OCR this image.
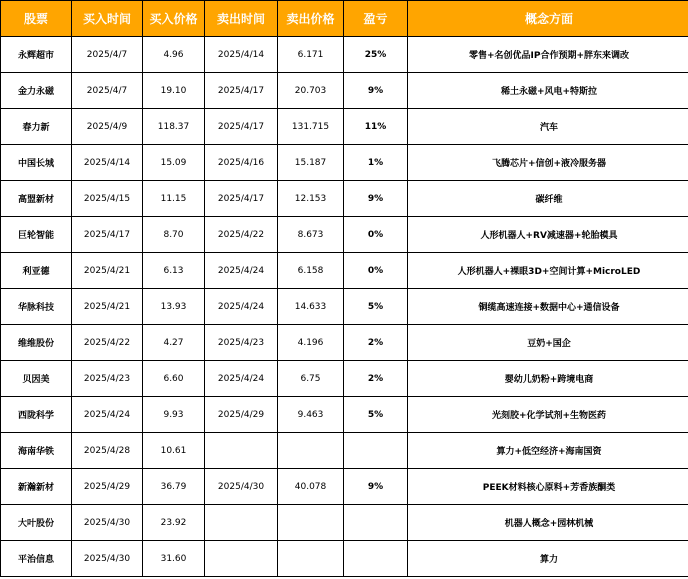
股票	买入时间	买入价格	卖出时间	卖出价格	盈亏	概念方面
永辉超市	2025/4/7	4.96	2025/4/14	6.171	25%	零售+名创优品IP合作预期+胖东来调改
金力永磁	2025/4/7	19.10	2025/4/17	20.703	9%	稀土永磁+风电+特斯拉
春力新	2025/4/9	118.37	2025/4/17	131.715	11%	汽车
中国长城	2025/4/14	15.09	2025/4/16	15.187	1%	飞腾芯片+信创+液冷服务器
高盟新材	2025/4/15	11.15	2025/4/17	12.153	9%	碳纤维
巨轮智能	2025/4/17	8.70	2025/4/22	8.673	0%	人形机器人+RV减速器+轮胎模具
利亚德	2025/4/21	6.13	2025/4/24	6.158	0%	人形机器人+裸眼3D+空间计算+MicroLED
华脉科技	2025/4/21	13.93	2025/4/24	14.633	5%	铜缆高速连接+数据中心+通信设备
维维股份	2025/4/22	4.27	2025/4/23	4.196	2%	豆奶+国企
贝因美	2025/4/23	6.60	2025/4/24	6.75	2%	婴幼儿奶粉+跨境电商
西陇科学	2025/4/24	9.93	2025/4/29	9.463	5%	光刻胶+化学试剂+生物医药
海南华铁	2025/4/28	10.61				算力+低空经济+海南国资
新瀚新材	2025/4/29	36.79	2025/4/30	40.078	9%	PEEK材料核心原料+芳香族酮类
大叶股份	2025/4/30	23.92				机器人概念+园林机械
平治信息	2025/4/30	31.60				算力
